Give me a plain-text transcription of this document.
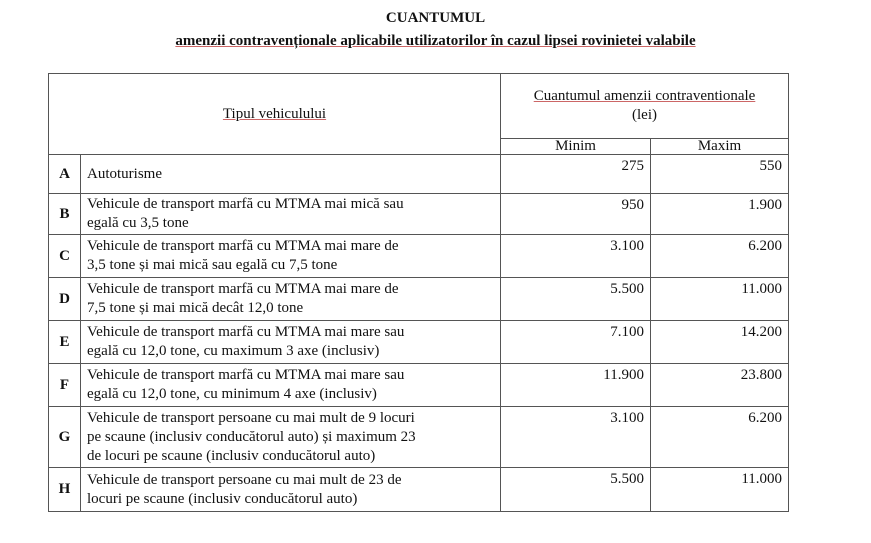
CUANTUMUL
amenzii contravenționale aplicabile utilizatorilor în cazul lipsei rovinietei valabile
Tipul vehiculului		Cuantumul amenzii contraventionale
(lei)	
		Minim	Maxim
A	Autoturisme	275	550
B	Vehicule de transport marfă cu MTMA mai mică sau
egală cu 3,5 tone	950	1.900
C	Vehicule de transport marfă cu MTMA mai mare de
3,5 tone și mai mică sau egală cu 7,5 tone	3.100	6.200
D	Vehicule de transport marfă cu MTMA mai mare de
7,5 tone și mai mică decât 12,0 tone	5.500	11.000
E	Vehicule de transport marfă cu MTMA mai mare sau
egală cu 12,0 tone, cu maximum 3 axe (inclusiv)	7.100	14.200
F	Vehicule de transport marfă cu MTMA mai mare sau
egală cu 12,0 tone, cu minimum 4 axe (inclusiv)	11.900	23.800
G	Vehicule de transport persoane cu mai mult de 9 locuri
pe scaune (inclusiv conducătorul auto) și maximum 23
de locuri pe scaune (inclusiv conducătorul auto)	3.100	6.200
H	Vehicule de transport persoane cu mai mult de 23 de
locuri pe scaune (inclusiv conducătorul auto)	5.500	11.000
